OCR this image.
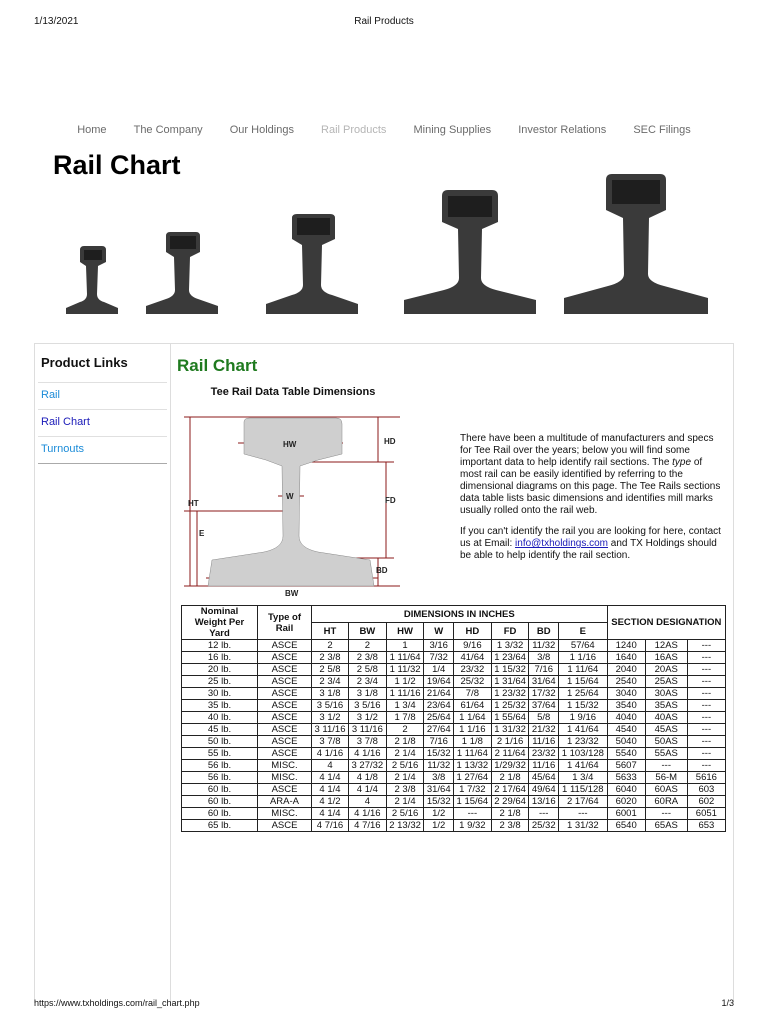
1/13/2021	Rail Products
Home The Company Our Holdings Rail Products Mining Supplies Investor Relations SEC Filings
Rail Chart
Product Links
Rail
Rail Chart
Turnouts
Rail Chart
Tee Rail Data Table Dimensions
HW	HD
HT
W	FD
E
BD
BW

There have been a multitude of manufacturers and specs for Tee Rail over the years; below you will find some important data to help identify rail sections. The type of most rail can be easily identified by referring to the dimensional diagrams on this page. The Tee Rails sections data table lists basic dimensions and identifies mill marks usually rolled onto the rail web.

If you can't identify the rail you are looking for here, contact us at Email: info@txholdings.com and TX Holdings should be able to help identify the rail section.

Nominal Weight Per Yard	Type of Rail	DIMENSIONS IN INCHES								SECTION DESIGNATION		
		HT	BW	HW	W	HD	FD	BD	E			
12 lb.	ASCE	2	2	1	3/16	9/16	1 3/32	11/32	57/64	1240	12AS	---
16 lb.	ASCE	2 3/8	2 3/8	1 11/64	7/32	41/64	1 23/64	3/8	1 1/16	1640	16AS	---
20 lb.	ASCE	2 5/8	2 5/8	1 11/32	1/4	23/32	1 15/32	7/16	1 11/64	2040	20AS	---
25 lb.	ASCE	2 3/4	2 3/4	1 1/2	19/64	25/32	1 31/64	31/64	1 15/64	2540	25AS	---
30 lb.	ASCE	3 1/8	3 1/8	1 11/16	21/64	7/8	1 23/32	17/32	1 25/64	3040	30AS	---
35 lb.	ASCE	3 5/16	3 5/16	1 3/4	23/64	61/64	1 25/32	37/64	1 15/32	3540	35AS	---
40 lb.	ASCE	3 1/2	3 1/2	1 7/8	25/64	1 1/64	1 55/64	5/8	1 9/16	4040	40AS	---
45 lb.	ASCE	3 11/16	3 11/16	2	27/64	1 1/16	1 31/32	21/32	1 41/64	4540	45AS	---
50 lb.	ASCE	3 7/8	3 7/8	2 1/8	7/16	1 1/8	2 1/16	11/16	1 23/32	5040	50AS	---
55 lb.	ASCE	4 1/16	4 1/16	2 1/4	15/32	1 11/64	2 11/64	23/32	1 103/128	5540	55AS	---
56 lb.	MISC.	4	3 27/32	2 5/16	11/32	1 13/32	1/29/32	11/16	1 41/64	5607	---	---
56 lb.	MISC.	4 1/4	4 1/8	2 1/4	3/8	1 27/64	2 1/8	45/64	1 3/4	5633	56-M	5616
60 lb.	ASCE	4 1/4	4 1/4	2 3/8	31/64	1 7/32	2 17/64	49/64	1 115/128	6040	60AS	603
60 lb.	ARA-A	4 1/2	4	2 1/4	15/32	1 15/64	2 29/64	13/16	2 17/64	6020	60RA	602
60 lb.	MISC.	4 1/4	4 1/16	2 5/16	1/2	---	2 1/8	---	---	6001	---	6051
65 lb.	ASCE	4 7/16	4 7/16	2 13/32	1/2	1 9/32	2 3/8	25/32	1 31/32	6540	65AS	653
https://www.txholdings.com/rail_chart.php	1/3
